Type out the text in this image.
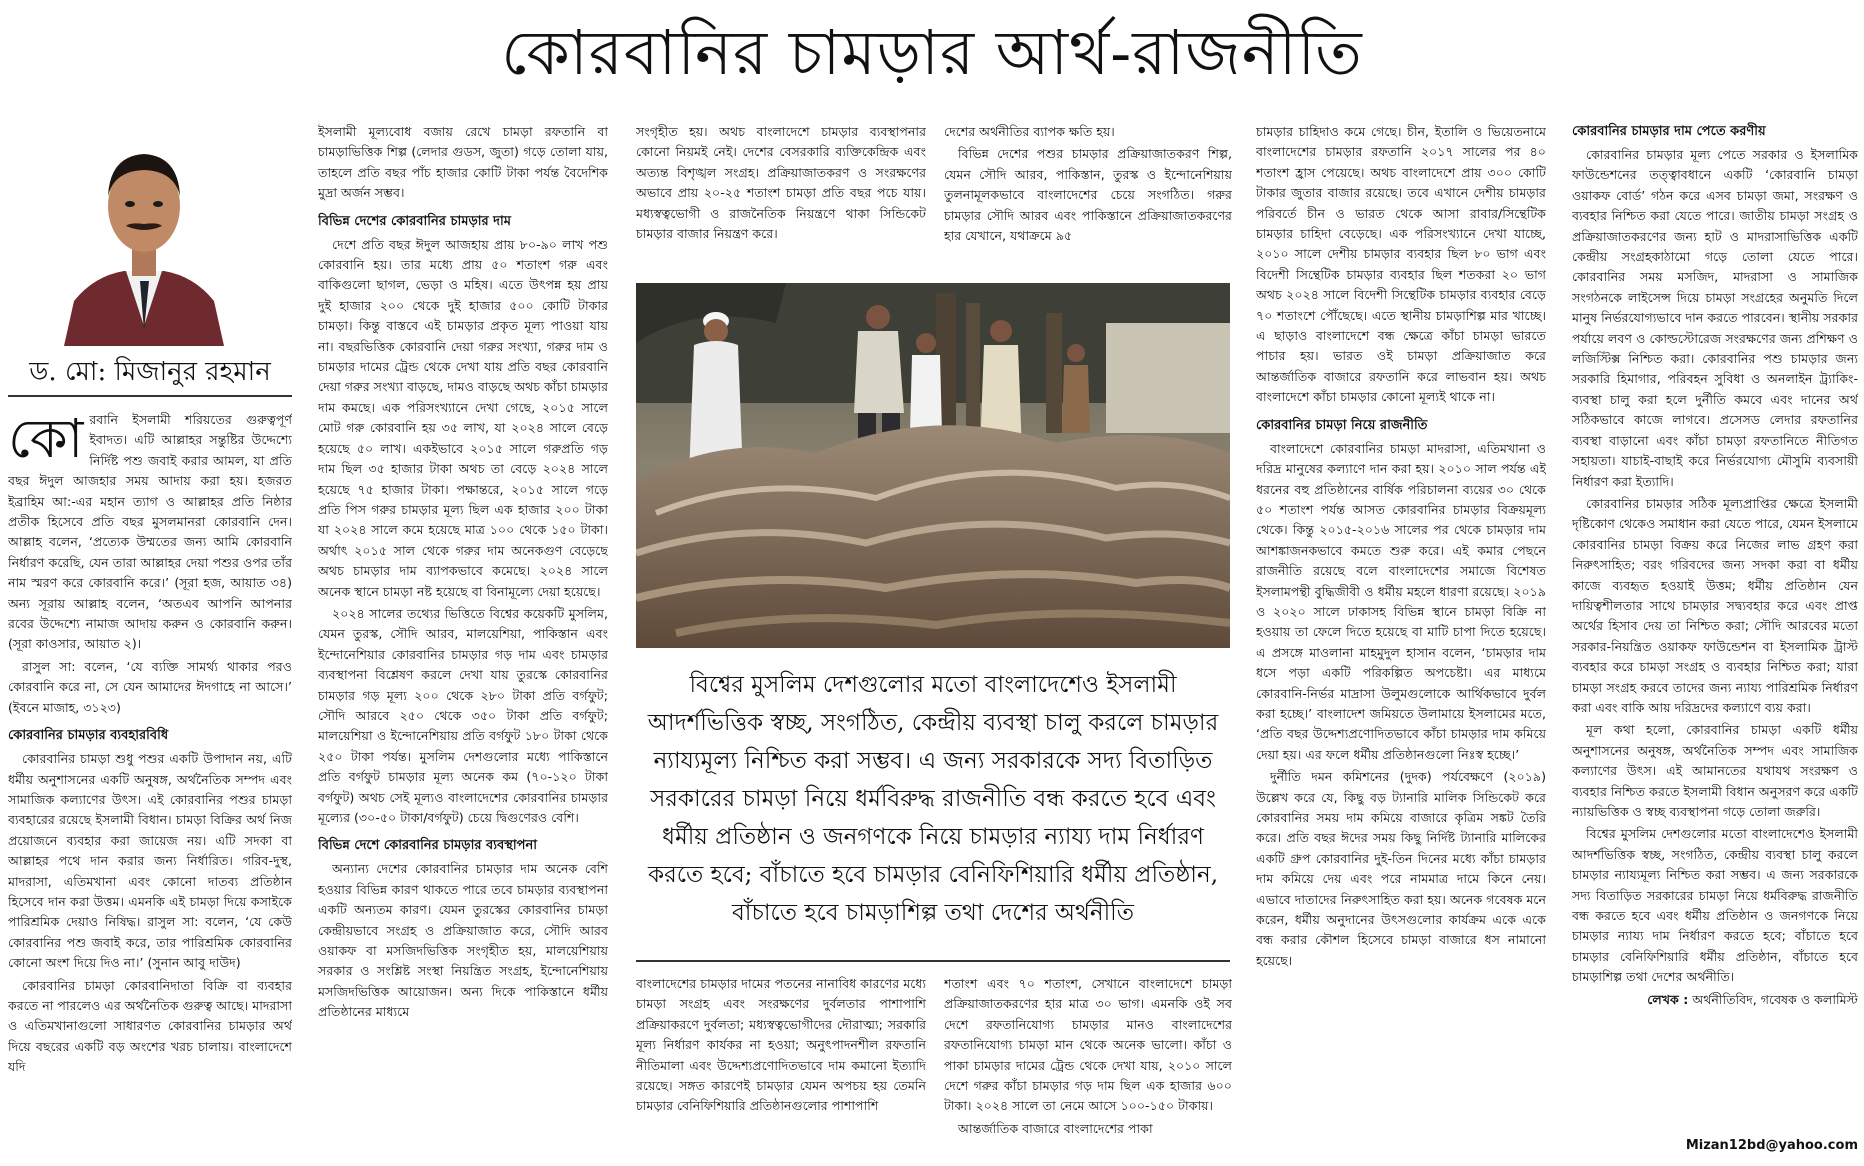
কোরবানির চামড়ার আর্থ-রাজনীতি
ড. মো: মিজানুর রহমান

কোরবানি ইসলামী শরিয়তের গুরুত্বপূর্ণ ইবাদত। এটি আল্লাহর সন্তুষ্টির উদ্দেশ্যে নির্দিষ্ট পশু জবাই করার আমল, যা প্রতি বছর ঈদুল আজহার সময় আদায় করা হয়। হজরত ইব্রাহিম আ:-এর মহান ত্যাগ ও আল্লাহর প্রতি নিষ্ঠার প্রতীক হিসেবে প্রতি বছর মুসলমানরা কোরবানি দেন। আল্লাহ বলেন, ‘প্রত্যেক উম্মতের জন্য আমি কোরবানি নির্ধারণ করেছি, যেন তারা আল্লাহর দেয়া পশুর ওপর তাঁর নাম স্মরণ করে কোরবানি করে।’ (সূরা হজ, আয়াত ৩৪) অন্য সূরায় আল্লাহ বলেন, ‘অতএব আপনি আপনার রবের উদ্দেশ্যে নামাজ আদায় করুন ও কোরবানি করুন। (সূরা কাওসার, আয়াত ২)।

রাসুল সা: বলেন, ‘যে ব্যক্তি সামর্থ্য থাকার পরও কোরবানি করে না, সে যেন আমাদের ঈদগাহে না আসে।’ (ইবনে মাজাহ, ৩১২৩)

কোরবানির চামড়ার ব্যবহারবিধি

কোরবানির চামড়া শুধু পশুর একটি উপাদান নয়, এটি ধর্মীয় অনুশাসনের একটি অনুষঙ্গ, অর্থনৈতিক সম্পদ এবং সামাজিক কল্যাণের উৎস। এই কোরবানির পশুর চামড়া ব্যবহারের রয়েছে ইসলামী বিধান। চামড়া বিক্রির অর্থ নিজ প্রয়োজনে ব্যবহার করা জায়েজ নয়। এটি সদকা বা আল্লাহর পথে দান করার জন্য নির্ধারিত। গরিব-দুস্থ, মাদরাসা, এতিমখানা এবং কোনো দাতব্য প্রতিষ্ঠান হিসেবে দান করা উত্তম। এমনকি এই চামড়া দিয়ে কসাইকে পারিশ্রমিক দেয়াও নিষিদ্ধ। রাসুল সা: বলেন, ‘যে কেউ কোরবানির পশু জবাই করে, তার পারিশ্রমিক কোরবানির কোনো অংশ দিয়ে দিও না।’ (সুনান আবু দাউদ)

কোরবানির চামড়া কোরবানিদাতা বিক্রি বা ব্যবহার করতে না পারলেও এর অর্থনৈতিক গুরুত্ব আছে। মাদরাসা ও এতিমখানাগুলো সাধারণত কোরবানির চামড়ার অর্থ দিয়ে বছরের একটি বড় অংশের খরচ চালায়। বাংলাদেশে যদি

ইসলামী মূল্যবোধ বজায় রেখে চামড়া রফতানি বা চামড়াভিত্তিক শিল্প (লেদার গুডস, জুতা) গড়ে তোলা যায়, তাহলে প্রতি বছর পাঁচ হাজার কোটি টাকা পর্যন্ত বৈদেশিক মুদ্রা অর্জন সম্ভব।

বিভিন্ন দেশের কোরবানির চামড়ার দাম

দেশে প্রতি বছর ঈদুল আজহায় প্রায় ৮০-৯০ লাখ পশু কোরবানি হয়। তার মধ্যে প্রায় ৫০ শতাংশ গরু এবং বাকিগুলো ছাগল, ভেড়া ও মহিষ। এতে উৎপন্ন হয় প্রায় দুই হাজার ২০০ থেকে দুই হাজার ৫০০ কোটি টাকার চামড়া। কিন্তু বাস্তবে এই চামড়ার প্রকৃত মূল্য পাওয়া যায় না। বছরভিত্তিক কোরবানি দেয়া গরুর সংখ্যা, গরুর দাম ও চামড়ার দামের ট্রেন্ড থেকে দেখা যায় প্রতি বছর কোরবানি দেয়া গরুর সংখ্যা বাড়ছে, দামও বাড়ছে অথচ কাঁচা চামড়ার দাম কমছে। এক পরিসংখ্যানে দেখা গেছে, ২০১৫ সালে মোট গরু কোরবানি হয় ৩৫ লাখ, যা ২০২৪ সালে বেড়ে হয়েছে ৫০ লাখ। একইভাবে ২০১৫ সালে গরুপ্রতি গড় দাম ছিল ৩৫ হাজার টাকা অথচ তা বেড়ে ২০২৪ সালে হয়েছে ৭৫ হাজার টাকা। পক্ষান্তরে, ২০১৫ সালে গড়ে প্রতি পিস গরুর চামড়ার মূল্য ছিল এক হাজার ২০০ টাকা যা ২০২৪ সালে কমে হয়েছে মাত্র ১০০ থেকে ১৫০ টাকা। অর্থাৎ ২০১৫ সাল থেকে গরুর দাম অনেকগুণ বেড়েছে অথচ চামড়ার দাম ব্যাপকভাবে কমেছে। ২০২৪ সালে অনেক স্থানে চামড়া নষ্ট হয়েছে বা বিনামূল্যে দেয়া হয়েছে।

২০২৪ সালের তথ্যের ভিত্তিতে বিশ্বের কয়েকটি মুসলিম, যেমন তুরস্ক, সৌদি আরব, মালয়েশিয়া, পাকিস্তান এবং ইন্দোনেশিয়ার কোরবানির চামড়ার গড় দাম এবং চামড়ার ব্যবস্থাপনা বিশ্লেষণ করলে দেখা যায় তুরস্কে কোরবানির চামড়ার গড় মূল্য ২০০ থেকে ২৮০ টাকা প্রতি বর্গফুট; সৌদি আরবে ২৫০ থেকে ৩৫০ টাকা প্রতি বর্গফুট; মালয়েশিয়া ও ইন্দোনেশিয়ায় প্রতি বর্গফুট ১৮০ টাকা থেকে ২৫০ টাকা পর্যন্ত। মুসলিম দেশগুলোর মধ্যে পাকিস্তানে প্রতি বর্গফুট চামড়ার মূল্য অনেক কম (৭০-১২০ টাকা বর্গফুট) অথচ সেই মূল্যও বাংলাদেশের কোরবানির চামড়ার মূল্যের (৩০-৫০ টাকা/বর্গফুট) চেয়ে দ্বিগুণেরও বেশি।

বিভিন্ন দেশে কোরবানির চামড়ার ব্যবস্থাপনা

অন্যান্য দেশের কোরবানির চামড়ার দাম অনেক বেশি হওয়ার বিভিন্ন কারণ থাকতে পারে তবে চামড়ার ব্যবস্থাপনা একটি অন্যতম কারণ। যেমন তুরস্কের কোরবানির চামড়া কেন্দ্রীয়ভাবে সংগ্রহ ও প্রক্রিয়াজাত করে, সৌদি আরব ওয়াকফ বা মসজিদভিত্তিক সংগৃহীত হয়, মালয়েশিয়ায় সরকার ও সংশ্লিষ্ট সংস্থা নিয়ন্ত্রিত সংগ্রহ, ইন্দোনেশিয়ায় মসজিদভিত্তিক আয়োজন। অন্য দিকে পাকিস্তানে ধর্মীয় প্রতিষ্ঠানের মাধ্যমে

সংগৃহীত হয়। অথচ বাংলাদেশে চামড়ার ব্যবস্থাপনার কোনো নিয়মই নেই। দেশের বেসরকারি ব্যক্তিকেন্দ্রিক এবং অত্যন্ত বিশৃঙ্খল সংগ্রহ। প্রক্রিয়াজাতকরণ ও সংরক্ষণের অভাবে প্রায় ২০-২৫ শতাংশ চামড়া প্রতি বছর পচে যায়। মধ্যস্বত্বভোগী ও রাজনৈতিক নিয়ন্ত্রণে থাকা সিন্ডিকেট চামড়ার বাজার নিয়ন্ত্রণ করে।

দেশের অর্থনীতির ব্যাপক ক্ষতি হয়।

বিভিন্ন দেশের পশুর চামড়ার প্রক্রিয়াজাতকরণ শিল্প, যেমন সৌদি আরব, পাকিস্তান, তুরস্ক ও ইন্দোনেশিয়ায় তুলনামূলকভাবে বাংলাদেশের চেয়ে সংগঠিত। গরুর চামড়ার সৌদি আরব এবং পাকিস্তানে প্রক্রিয়াজাতকরণের হার যেখানে, যথাক্রমে ৯৫

বিশ্বের মুসলিম দেশগুলোর মতো বাংলাদেশেও ইসলামী আদর্শভিত্তিক স্বচ্ছ, সংগঠিত, কেন্দ্রীয় ব্যবস্থা চালু করলে চামড়ার ন্যায্যমূল্য নিশ্চিত করা সম্ভব। এ জন্য সরকারকে সদ্য বিতাড়িত সরকারের চামড়া নিয়ে ধর্মবিরুদ্ধ রাজনীতি বন্ধ করতে হবে এবং ধর্মীয় প্রতিষ্ঠান ও জনগণকে নিয়ে চামড়ার ন্যায্য দাম নির্ধারণ করতে হবে; বাঁচাতে হবে চামড়ার বেনিফিশিয়ারি ধর্মীয় প্রতিষ্ঠান, বাঁচাতে হবে চামড়াশিল্প তথা দেশের অর্থনীতি

বাংলাদেশের চামড়ার দামের পতনের নানাবিধ কারণের মধ্যে চামড়া সংগ্রহ এবং সংরক্ষণের দুর্বলতার পাশাপাশি প্রক্রিয়াকরণে দুর্বলতা; মধ্যস্বত্বভোগীদের দৌরাত্ম্য; সরকারি মূল্য নির্ধারণ কার্যকর না হওয়া; অনুৎপাদনশীল রফতানি নীতিমালা এবং উদ্দেশ্যপ্রণোদিতভাবে দাম কমানো ইত্যাদি রয়েছে। সঙ্গত কারণেই চামড়ার যেমন অপচয় হয় তেমনি চামড়ার বেনিফিশিয়ারি প্রতিষ্ঠানগুলোর পাশাপাশি

শতাংশ এবং ৭০ শতাংশ, সেখানে বাংলাদেশে চামড়া প্রক্রিয়াজাতকরণের হার মাত্র ৩০ ভাগ। এমনকি ওই সব দেশে রফতানিযোগ্য চামড়ার মানও বাংলাদেশের রফতানিযোগ্য চামড়া মান থেকে অনেক ভালো। কাঁচা ও পাকা চামড়ার দামের ট্রেন্ড থেকে দেখা যায়, ২০১০ সালে দেশে গরুর কাঁচা চামড়ার গড় দাম ছিল এক হাজার ৬০০ টাকা। ২০২৪ সালে তা নেমে আসে ১০০-১৫০ টাকায়।

আন্তর্জাতিক বাজারে বাংলাদেশের পাকা

চামড়ার চাহিদাও কমে গেছে। চীন, ইতালি ও ভিয়েতনামে বাংলাদেশের চামড়ার রফতানি ২০১৭ সালের পর ৪০ শতাংশ হ্রাস পেয়েছে। অথচ বাংলাদেশে প্রায় ৩০০ কোটি টাকার জুতার বাজার রয়েছে। তবে এখানে দেশীয় চামড়ার পরিবর্তে চীন ও ভারত থেকে আসা রাবার/সিন্থেটিক চামড়ার চাহিদা বেড়েছে। এক পরিসংখ্যানে দেখা যাচ্ছে, ২০১০ সালে দেশীয় চামড়ার ব্যবহার ছিল ৮০ ভাগ এবং বিদেশী সিন্থেটিক চামড়ার ব্যবহার ছিল শতকরা ২০ ভাগ অথচ ২০২৪ সালে বিদেশী সিন্থেটিক চামড়ার ব্যবহার বেড়ে ৭০ শতাংশে পৌঁছেছে। এতে স্থানীয় চামড়াশিল্প মার খাচ্ছে। এ ছাড়াও বাংলাদেশে বন্ধ ক্ষেত্রে কাঁচা চামড়া ভারতে পাচার হয়। ভারত ওই চামড়া প্রক্রিয়াজাত করে আন্তর্জাতিক বাজারে রফতানি করে লাভবান হয়। অথচ বাংলাদেশে কাঁচা চামড়ার কোনো মূল্যই থাকে না।

কোরবানির চামড়া নিয়ে রাজনীতি

বাংলাদেশে কোরবানির চামড়া মাদরাসা, এতিমখানা ও দরিদ্র মানুষের কল্যাণে দান করা হয়। ২০১০ সাল পর্যন্ত এই ধরনের বহু প্রতিষ্ঠানের বার্ষিক পরিচালনা ব্যয়ের ৩০ থেকে ৫০ শতাংশ পর্যন্ত আসত কোরবানির চামড়ার বিক্রয়মূল্য থেকে। কিন্তু ২০১৫-২০১৬ সালের পর থেকে চামড়ার দাম আশঙ্কাজনকভাবে কমতে শুরু করে। এই কমার পেছনে রাজনীতি রয়েছে বলে বাংলাদেশের সমাজে বিশেষত ইসলামপন্থী বুদ্ধিজীবী ও ধর্মীয় মহলে ধারণা রয়েছে। ২০১৯ ও ২০২০ সালে ঢাকাসহ বিভিন্ন স্থানে চামড়া বিক্রি না হওয়ায় তা ফেলে দিতে হয়েছে বা মাটি চাপা দিতে হয়েছে। এ প্রসঙ্গে মাওলানা মাহমুদুল হাসান বলেন, ‘চামড়ার দাম ধসে পড়া একটি পরিকল্পিত অপচেষ্টা। এর মাধ্যমে কোরবানি-নির্ভর মাদ্রাসা উলুমগুলোকে আর্থিকভাবে দুর্বল করা হচ্ছে।’ বাংলাদেশ জমিয়তে উলামায়ে ইসলামের মতে, ‘প্রতি বছর উদ্দেশ্যপ্রণোদিতভাবে কাঁচা চামড়ার দাম কমিয়ে দেয়া হয়। এর ফলে ধর্মীয় প্রতিষ্ঠানগুলো নিঃস্ব হচ্ছে।’

দুর্নীতি দমন কমিশনের (দুদক) পর্যবেক্ষণে (২০১৯) উল্লেখ করে যে, কিছু বড় ট্যানারি মালিক সিন্ডিকেট করে কোরবানির সময় দাম কমিয়ে বাজারে কৃত্রিম সঙ্কট তৈরি করে। প্রতি বছর ঈদের সময় কিছু নির্দিষ্ট ট্যানারি মালিকের একটি গ্রুপ কোরবানির দুই-তিন দিনের মধ্যে কাঁচা চামড়ার দাম কমিয়ে দেয় এবং পরে নামমাত্র দামে কিনে নেয়। এভাবে দাতাদের নিরুৎসাহিত করা হয়। অনেক গবেষক মনে করেন, ধর্মীয় অনুদানের উৎসগুলোর কার্যক্রম একে একে বন্ধ করার কৌশল হিসেবে চামড়া বাজারে ধস নামানো হয়েছে।

কোরবানির চামড়ার দাম পেতে করণীয়

কোরবানির চামড়ার মূল্য পেতে সরকার ও ইসলামিক ফাউন্ডেশনের তত্ত্বাবধানে একটি ‘কোরবানি চামড়া ওয়াকফ বোর্ড’ গঠন করে এসব চামড়া জমা, সংরক্ষণ ও ব্যবহার নিশ্চিত করা যেতে পারে। জাতীয় চামড়া সংগ্রহ ও প্রক্রিয়াজাতকরণের জন্য হাট ও মাদরাসাভিত্তিক একটি কেন্দ্রীয় সংগ্রহকাঠামো গড়ে তোলা যেতে পারে। কোরবানির সময় মসজিদ, মাদরাসা ও সামাজিক সংগঠনকে লাইসেন্স দিয়ে চামড়া সংগ্রহের অনুমতি দিলে মানুষ নির্ভরযোগ্যভাবে দান করতে পারবেন। স্থানীয় সরকার পর্যায়ে লবণ ও কোল্ডস্টোরেজ সংরক্ষণের জন্য প্রশিক্ষণ ও লজিস্টিক্স নিশ্চিত করা। কোরবানির পশু চামড়ার জন্য সরকারি হিমাগার, পরিবহন সুবিধা ও অনলাইন ট্র্যাকিং-ব্যবস্থা চালু করা হলে দুর্নীতি কমবে এবং দানের অর্থ সঠিকভাবে কাজে লাগবে। প্রসেসড লেদার রফতানির ব্যবস্থা বাড়ানো এবং কাঁচা চামড়া রফতানিতে নীতিগত সহায়তা। যাচাই-বাছাই করে নির্ভরযোগ্য মৌসুমি ব্যবসায়ী নির্ধারণ করা ইত্যাদি।

কোরবানির চামড়ার সঠিক মূল্যপ্রাপ্তির ক্ষেত্রে ইসলামী দৃষ্টিকোণ থেকেও সমাধান করা যেতে পারে, যেমন ইসলামে কোরবানির চামড়া বিক্রয় করে নিজের লাভ গ্রহণ করা নিরুৎসাহিত; বরং গরিবদের জন্য সদকা করা বা ধর্মীয় কাজে ব্যবহৃত হওয়াই উত্তম; ধর্মীয় প্রতিষ্ঠান যেন দায়িত্বশীলতার সাথে চামড়ার সদ্ব্যবহার করে এবং প্রাপ্ত অর্থের হিসাব দেয় তা নিশ্চিত করা; সৌদি আরবের মতো সরকার-নিয়ন্ত্রিত ওয়াকফ ফাউন্ডেশন বা ইসলামিক ট্রাস্ট ব্যবহার করে চামড়া সংগ্রহ ও ব্যবহার নিশ্চিত করা; যারা চামড়া সংগ্রহ করবে তাদের জন্য ন্যায্য পারিশ্রমিক নির্ধারণ করা এবং বাকি আয় দরিদ্রদের কল্যাণে ব্যয় করা।

মূল কথা হলো, কোরবানির চামড়া একটি ধর্মীয় অনুশাসনের অনুষঙ্গ, অর্থনৈতিক সম্পদ এবং সামাজিক কল্যাণের উৎস। এই আমানতের যথাযথ সংরক্ষণ ও ব্যবহার নিশ্চিত করতে ইসলামী বিধান অনুসরণ করে একটি ন্যায়ভিত্তিক ও স্বচ্ছ ব্যবস্থাপনা গড়ে তোলা জরুরি।

বিশ্বের মুসলিম দেশগুলোর মতো বাংলাদেশেও ইসলামী আদর্শভিত্তিক স্বচ্ছ, সংগঠিত, কেন্দ্রীয় ব্যবস্থা চালু করলে চামড়ার ন্যায্যমূল্য নিশ্চিত করা সম্ভব। এ জন্য সরকারকে সদ্য বিতাড়িত সরকারের চামড়া নিয়ে ধর্মবিরুদ্ধ রাজনীতি বন্ধ করতে হবে এবং ধর্মীয় প্রতিষ্ঠান ও জনগণকে নিয়ে চামড়ার ন্যায্য দাম নির্ধারণ করতে হবে; বাঁচাতে হবে চামড়ার বেনিফিশিয়ারি ধর্মীয় প্রতিষ্ঠান, বাঁচাতে হবে চামড়াশিল্প তথা দেশের অর্থনীতি।

লেখক : অর্থনীতিবিদ, গবেষক ও কলামিস্ট
Mizan12bd@yahoo.com
